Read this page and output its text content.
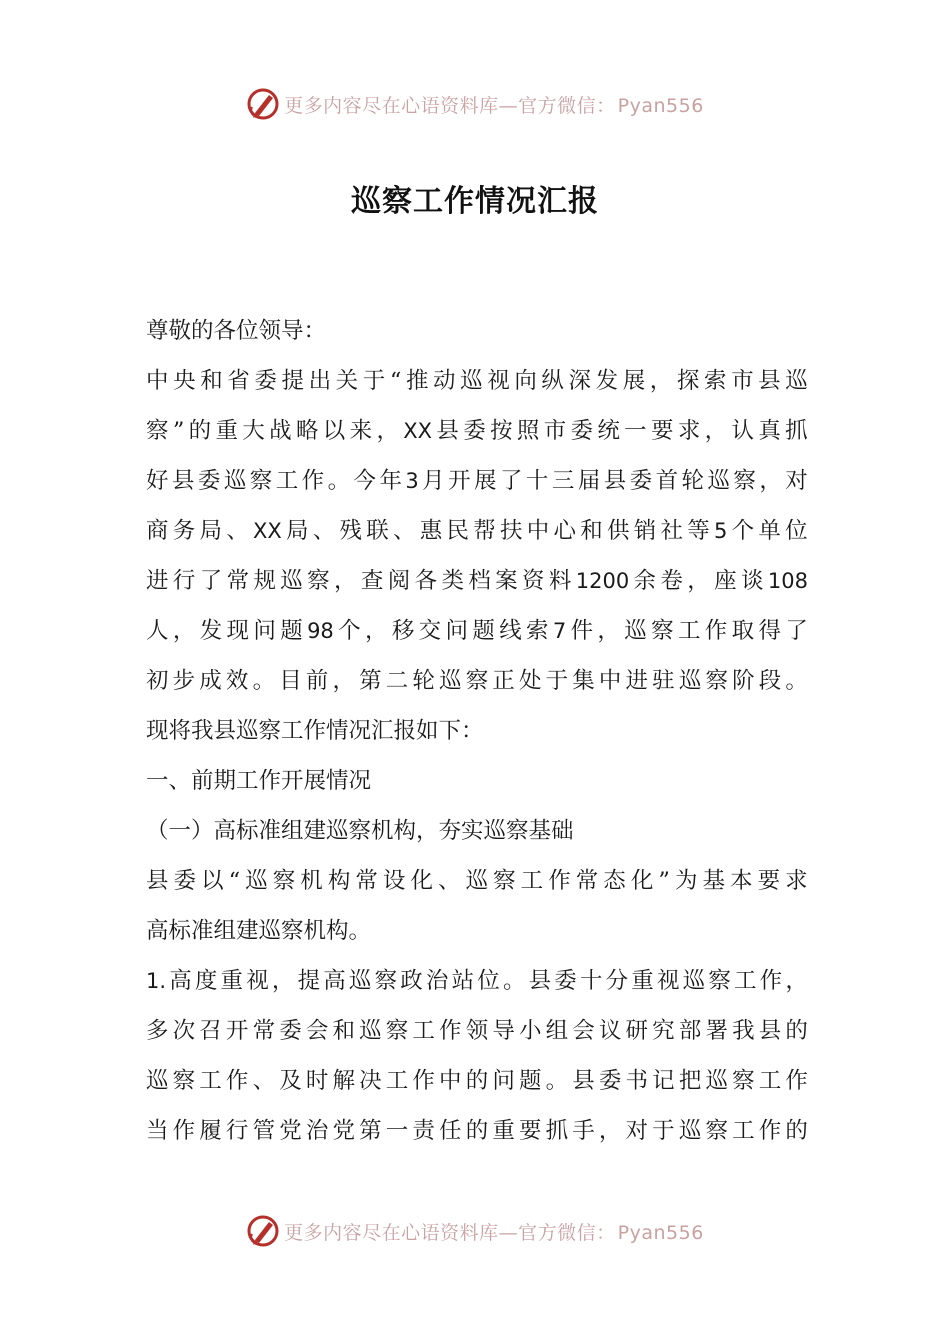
更多内容尽在心语资料库—官方微信： Pyan556
巡察工作情况汇报
尊敬的各位领导：
中 央 和 省 委 提 出 关 于 “ 推 动 巡 视 向 纵 深 发 展 ， 探 索 市 县 巡
察 ” 的 重 大 战 略 以 来 ， XX 县 委 按 照 市 委 统 一 要 求 ， 认 真 抓
好 县 委 巡 察 工 作 。 今 年 3 月 开 展 了 十 三 届 县 委 首 轮 巡 察 ， 对
商 务 局 、 XX 局 、 残 联 、 惠 民 帮 扶 中 心 和 供 销 社 等 5 个 单 位
进 行 了 常 规 巡 察 ， 查 阅 各 类 档 案 资 料 1200 余 卷 ， 座 谈 108
人 ， 发 现 问 题 98 个 ， 移 交 问 题 线 索 7 件 ， 巡 察 工 作 取 得 了
初 步 成 效 。 目 前 ， 第 二 轮 巡 察 正 处 于 集 中 进 驻 巡 察 阶 段 。
现将我县巡察工作情况汇报如下：
一、前期工作开展情况
（一）高标准组建巡察机构，夯实巡察基础
县 委 以 “ 巡 察 机 构 常 设 化 、 巡 察 工 作 常 态 化 ” 为 基 本 要 求
高标准组建巡察机构。
1. 高 度 重 视 ， 提 高 巡 察 政 治 站 位 。 县 委 十 分 重 视 巡 察 工 作 ，
多 次 召 开 常 委 会 和 巡 察 工 作 领 导 小 组 会 议 研 究 部 署 我 县 的
巡 察 工 作 、 及 时 解 决 工 作 中 的 问 题 。 县 委 书 记 把 巡 察 工 作
当 作 履 行 管 党 治 党 第 一 责 任 的 重 要 抓 手 ， 对 于 巡 察 工 作 的
更多内容尽在心语资料库—官方微信： Pyan556
